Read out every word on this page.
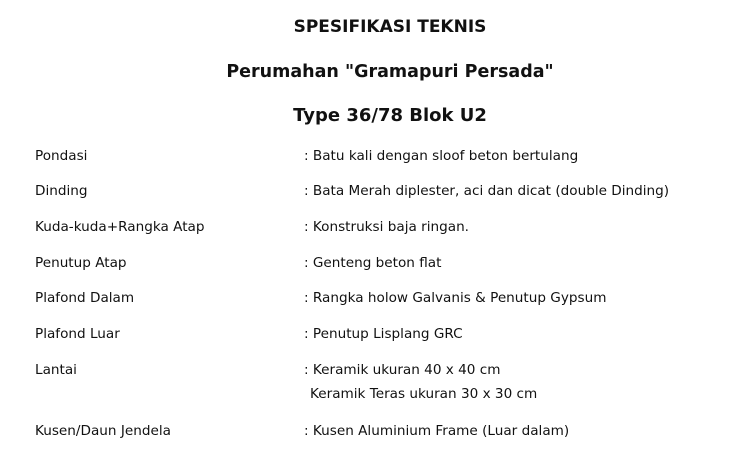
SPESIFIKASI TEKNIS
Perumahan "Gramapuri Persada"
Type 36/78 Blok U2
Pondasi	: Batu kali dengan sloof beton bertulang
Dinding	: Bata Merah diplester, aci dan dicat (double Dinding)
Kuda-kuda+Rangka Atap	: Konstruksi baja ringan.
Penutup Atap	: Genteng beton flat
Plafond Dalam	: Rangka holow Galvanis & Penutup Gypsum
Plafond Luar	: Penutup Lisplang GRC
Lantai	: Keramik ukuran 40 x 40 cm
Keramik Teras ukuran 30 x 30 cm
Kusen/Daun Jendela	: Kusen Aluminium Frame (Luar dalam)
